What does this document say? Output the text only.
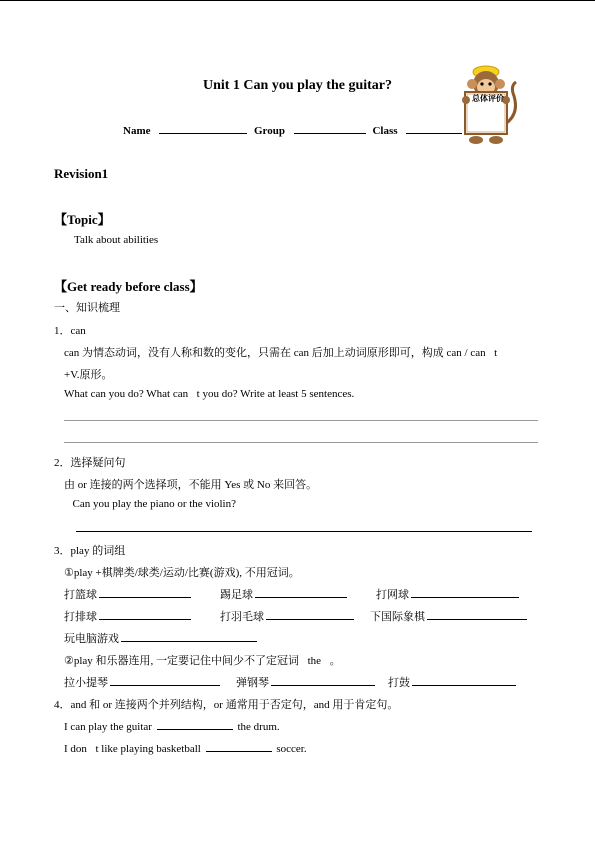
Unit 1 Can you play the guitar?
总体评价
Name	Group	Class
Revision1
【Topic】
Talk about abilities
【Get ready before class】
一、知识梳理
1．can
can 为情态动词，没有人称和数的变化，只需在 can 后加上动词原形即可，构成 can / can t
+V.原形。
What can you do? What can t you do? Write at least 5 sentences.
2．选择疑问句
由 or 连接的两个选择项，不能用 Yes 或 No 来回答。
 Can you play the piano or the violin?
 
3．play 的词组
①play +棋牌类/球类/运动/比赛(游戏), 不用冠词。
打篮球	踢足球	打网球
打排球	打羽毛球	下国际象棋
玩电脑游戏
②play 和乐器连用, 一定要记住中间少不了定冠词 the 。
拉小提琴	弹钢琴	打鼓
4．and 和 or 连接两个并列结构，or 通常用于否定句，and 用于肯定句。
I can play the guitar	the drum.
I don t like playing basketball	soccer.
